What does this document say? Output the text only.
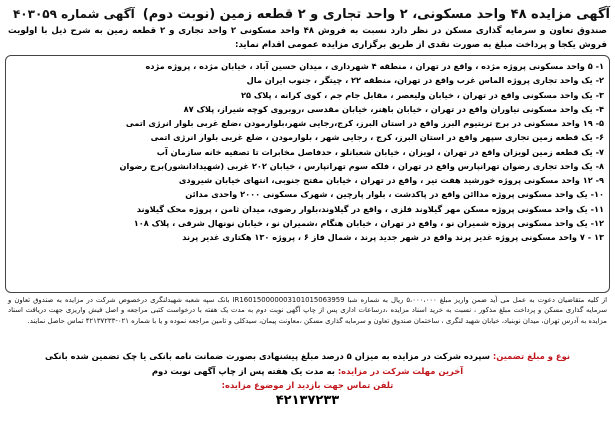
آگهی مزایده ۴۸ واحد مسکونی، ۲ واحد تجاری و ۲ قطعه زمین (نوبت دوم)
آگهی شماره ۴۰۳۰۵۹

صندوق تعاون و سرمایه گذاری مسکن در نظر دارد نسبت به فروش ۴۸ واحد مسکونی ۲ واحد تجاری و ۲ قطعه زمین به شرح ذیل با اولویت فروش یکجا و پرداخت مبلغ به صورت نقدی از طریق برگزاری مزایده عمومی اقدام نماید:

۱- ۵ واحد مسکونی پروژه مژده ، واقع در تهران ، منطقه ۴ شهرداری ، میدان حسین آباد ، خیابان مژده ، پروژه مژده
۲- یک واحد تجاری پروژه الماس غرب واقع در تهران، منطقه ۲۲ ، چیتگر ، جنوب ایران مال
۳- یک واحد مسکونی واقع در تهران ، خیابان ولیعصر ، مقابل جام جم ، کوی کرانه ، پلاک ۲۵
۴- یک واحد مسکونی نیاوران واقع در تهران ، خیابان باهنر، خیابان مقدسی ،روبروی کوچه شیراز، پلاک ۸۷
۵- ۱۹ واحد مسکونی در برج تریتیوم البرز واقع در استان البرز، کرج،رجایی شهر،بلوارمودن ،ضلع غربی بلوار انرژی اتمی
۶- یک قطعه زمین تجاری سپهر واقع در استان البرز، کرج ، رجایی شهر ، بلوارمودن ، ضلع غربی بلوار انرژی اتمی
۷- یک قطعه زمین لویزان واقع در تهران ، لویزان ، خیابان شعبانلو ، حدفاصل مخابرات تا تصفیه خانه سازمان آب
۸- یک واحد تجاری رضوان تهرانپارس واقع در تهران ، فلکه سوم تهرانپارس ، خیابان ۲۰۲ غربی (شهیدادانشور)برج رضوان
۹- ۱۲ واحد مسکونی پروژه خورشید هفت تیر ، واقع در تهران ، خیابان مفتح جنوبی، انتهای خیابان شیرودی
۱۰- یک واحد مسکونی پروژه مداائن واقع در پاکدشت ، بلوار پارچین ، شهرک مسکونی ۲۰۰۰ واحدی مدائن
۱۱- یک واحد مسکونی پروژه مسکن مهر گیلاوند فلزی ، واقع در گیلاوند،بلوار رضوی، میدان ثامن ، پروژه محک گیلاوند
۱۲- یک واحد مسکونی پروژه شمیران نو ، واقع در تهران ، خیابان هنگام ،شمیران نو ، خیابان نونهال شرقی ، پلاک ۱۰۸
۱۳ - ۷ واحد مسکونی پروژه غدیر پرند واقع در شهر جدید پرند ، شمال فاز ۶ ، پروژه ۱۳۰ هکتاری غدیر پرند

از کلیه متقاضیان دعوت به عمل می آید ضمن واریز مبلغ ۵،۰۰۰،۰۰۰ ریال به شماره شبا IR160150000003101015063959 بانک سپه شعبه شهیدلنگری درخصوص شرکت در مزایده به صندوق تعاون و سرمایه گذاری مسکن و پرداخت مبلغ مذکور ، نسبت به خرید اسناد مزایده ،درساعات اداری پس از چاپ آگهی نوبت دوم به مدت یک هفته با درخواست کتبی مراجعه و اصل فیش واریزی جهت دریافت اسناد مزایده به آدرس تهران، میدان نوبنیاد، خیابان شهید لنگری ، ساختمان صندوق تعاون و سرمایه گذاری مسکن ،معاونت پیمان، سیدکلی و تامین مراجعه نموده و یا با شماره ۰۲۱-۴۲۱۳۷۲۳۳ تماس حاصل نمایند.

نوع و مبلغ تضمین: سپرده شرکت در مزایده به میزان ۵ درصد مبلغ پیشنهادی بصورت ضمانت نامه بانکی یا چک تضمین شده بانکی
آخرین مهلت شرکت در مزایده: به مدت یک هفته پس از چاپ آگهی نوبت دوم
تلفن تماس جهت بازدید از موضوع مزایده:
۴۲۱۳۷۲۳۳
